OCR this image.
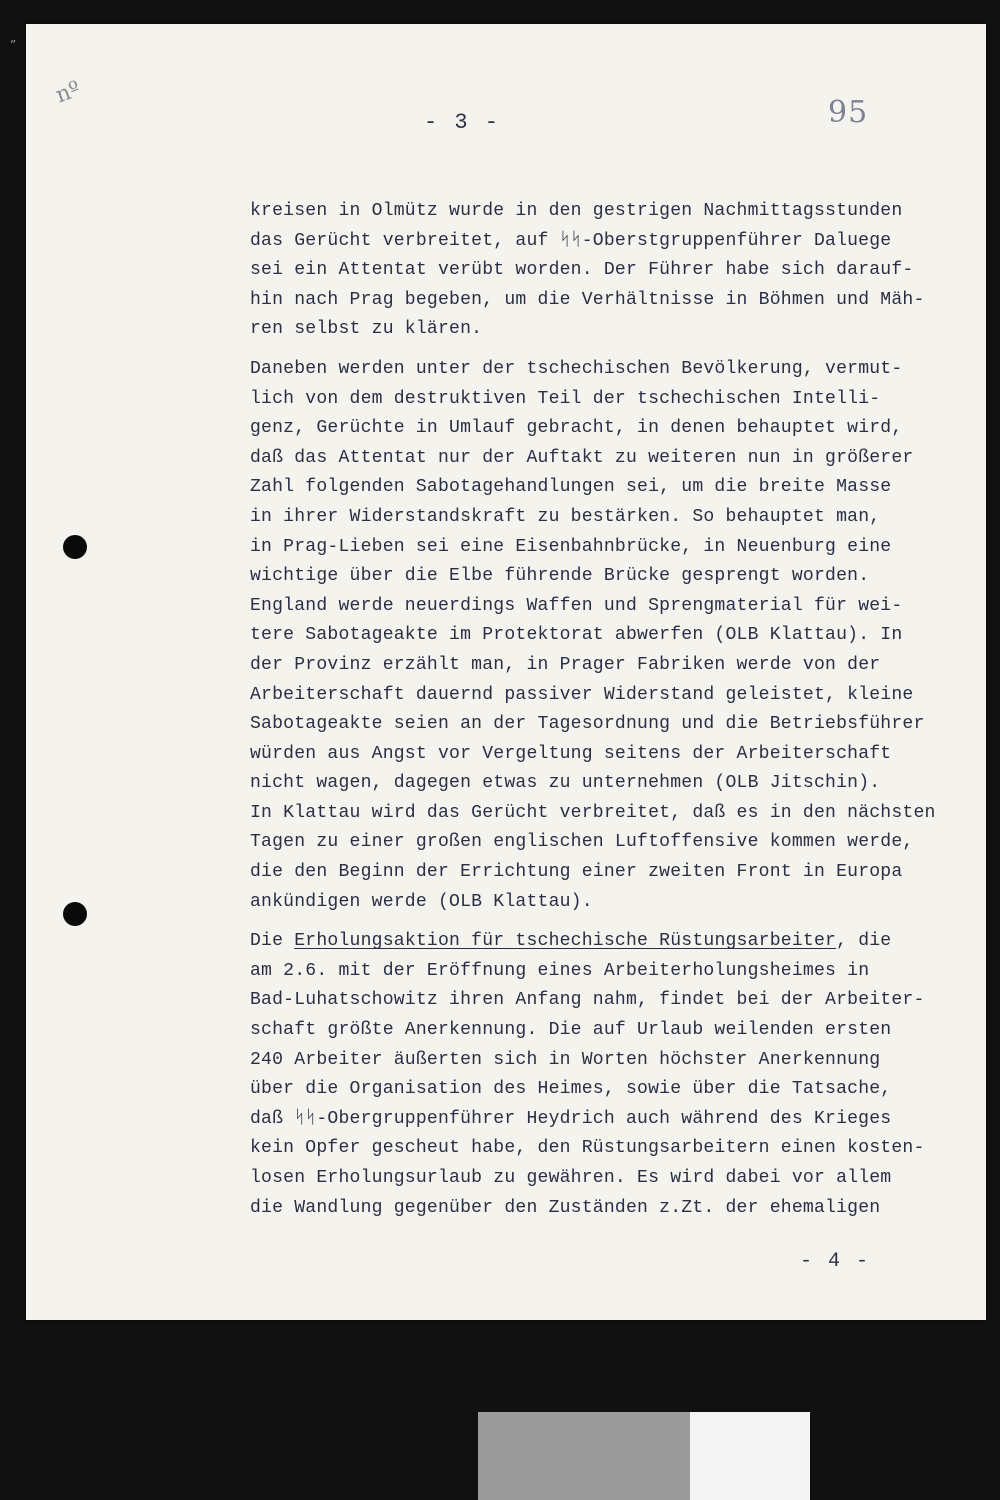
”
nº
- 3 -	95
kreisen in Olmütz wurde in den gestrigen Nachmittagsstunden
das Gerücht verbreitet, auf ᛋᛋ-Oberstgruppenführer Daluege
sei ein Attentat verübt worden. Der Führer habe sich darauf-
hin nach Prag begeben, um die Verhältnisse in Böhmen und Mäh-
ren selbst zu klären.
Daneben werden unter der tschechischen Bevölkerung, vermut-
lich von dem destruktiven Teil der tschechischen Intelli-
genz, Gerüchte in Umlauf gebracht, in denen behauptet wird,
daß das Attentat nur der Auftakt zu weiteren nun in größerer
Zahl folgenden Sabotagehandlungen sei, um die breite Masse
in ihrer Widerstandskraft zu bestärken. So behauptet man,
in Prag-Lieben sei eine Eisenbahnbrücke, in Neuenburg eine
wichtige über die Elbe führende Brücke gesprengt worden.
England werde neuerdings Waffen und Sprengmaterial für wei-
tere Sabotageakte im Protektorat abwerfen (OLB Klattau). In
der Provinz erzählt man, in Prager Fabriken werde von der
Arbeiterschaft dauernd passiver Widerstand geleistet, kleine
Sabotageakte seien an der Tagesordnung und die Betriebsführer
würden aus Angst vor Vergeltung seitens der Arbeiterschaft
nicht wagen, dagegen etwas zu unternehmen (OLB Jitschin).
In Klattau wird das Gerücht verbreitet, daß es in den nächsten
Tagen zu einer großen englischen Luftoffensive kommen werde,
die den Beginn der Errichtung einer zweiten Front in Europa
ankündigen werde (OLB Klattau).
Die Erholungsaktion für tschechische Rüstungsarbeiter, die
am 2.6. mit der Eröffnung eines Arbeiterholungsheimes in
Bad-Luhatschowitz ihren Anfang nahm, findet bei der Arbeiter-
schaft größte Anerkennung. Die auf Urlaub weilenden ersten
240 Arbeiter äußerten sich in Worten höchster Anerkennung
über die Organisation des Heimes, sowie über die Tatsache,
daß ᛋᛋ-Obergruppenführer Heydrich auch während des Krieges
kein Opfer gescheut habe, den Rüstungsarbeitern einen kosten-
losen Erholungsurlaub zu gewähren. Es wird dabei vor allem
die Wandlung gegenüber den Zuständen z.Zt. der ehemaligen
- 4 -
